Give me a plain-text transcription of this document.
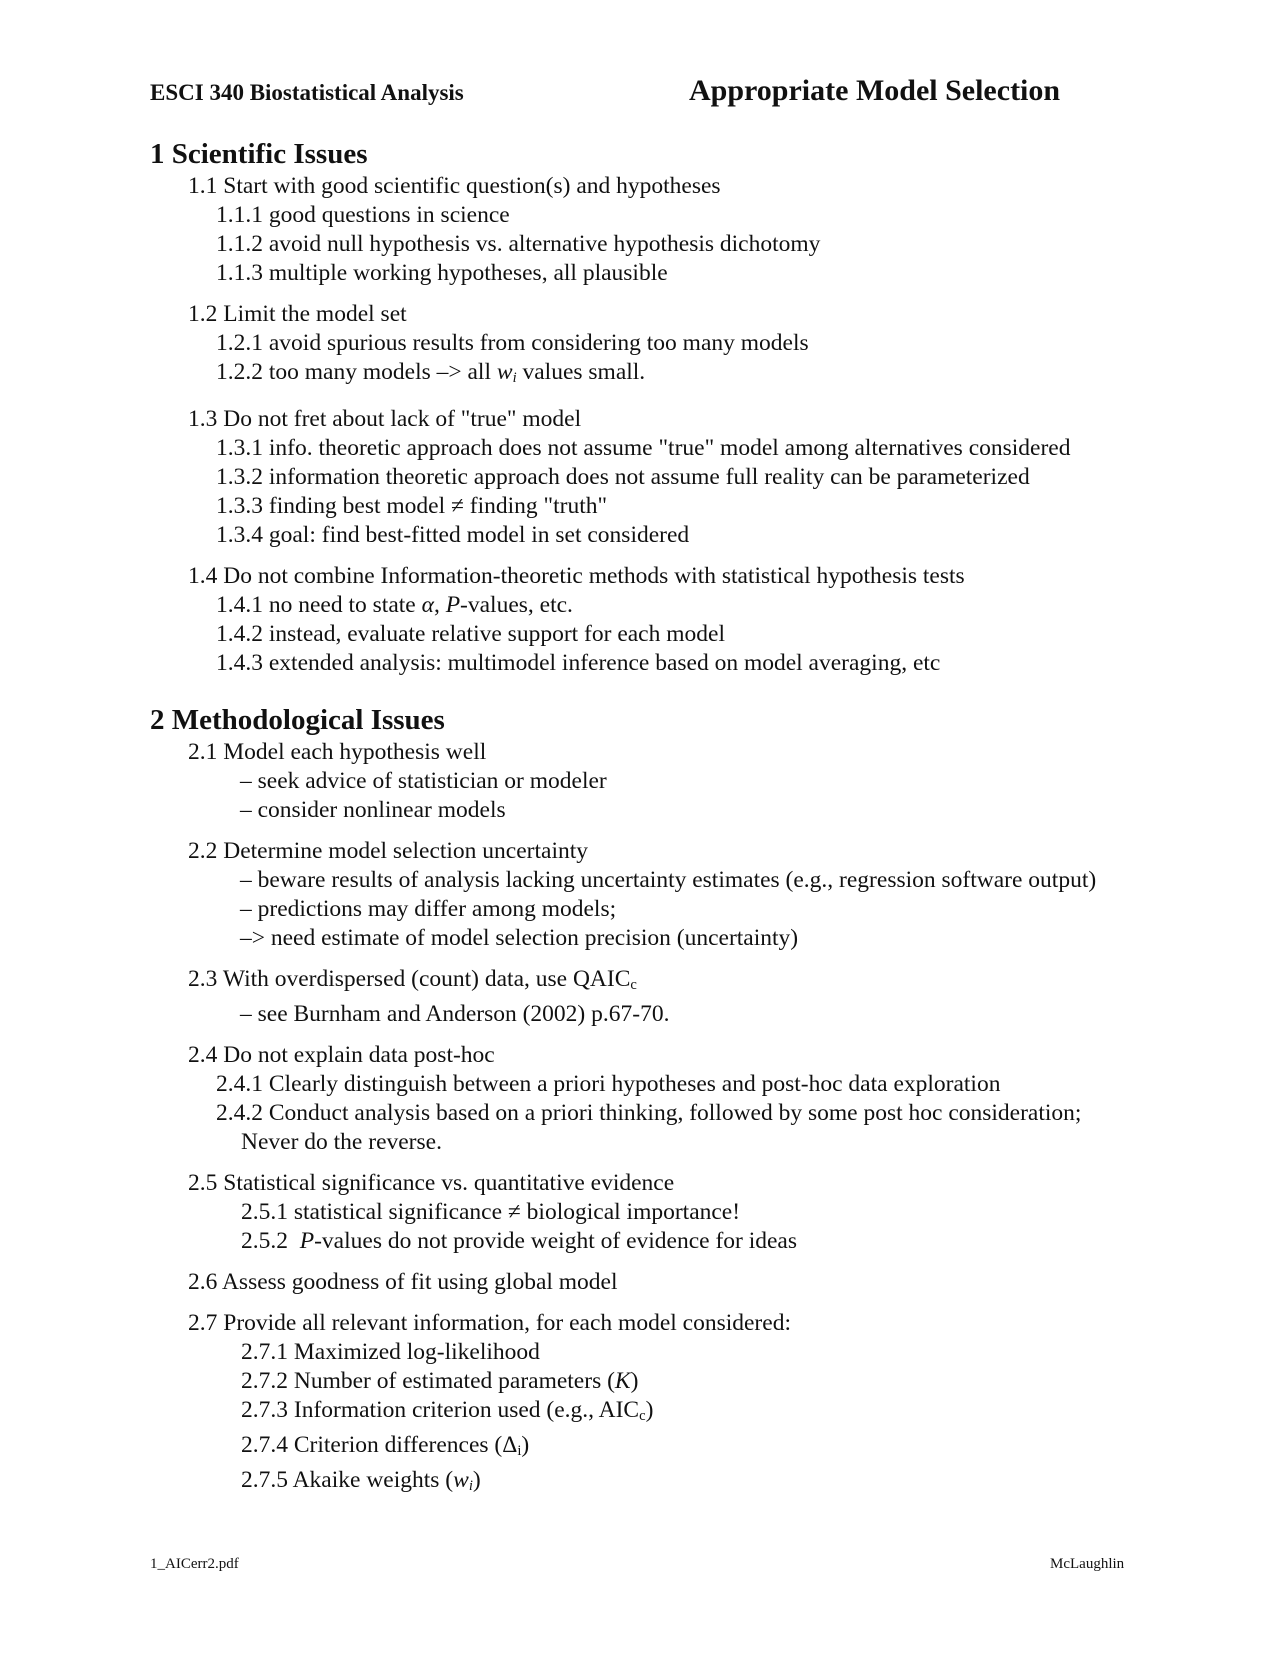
ESCI 340 Biostatistical Analysis	Appropriate Model Selection
1 Scientific Issues
1.1 Start with good scientific question(s) and hypotheses
1.1.1 good questions in science
1.1.2 avoid null hypothesis vs. alternative hypothesis dichotomy
1.1.3 multiple working hypotheses, all plausible
1.2 Limit the model set
1.2.1 avoid spurious results from considering too many models
1.2.2 too many models –> all $w_i$ values small.
1.3 Do not fret about lack of "true" model
1.3.1 info. theoretic approach does not assume "true" model among alternatives considered
1.3.2 information theoretic approach does not assume full reality can be parameterized
1.3.3 finding best model ≠ finding "truth"
1.3.4 goal: find best-fitted model in set considered
1.4 Do not combine Information-theoretic methods with statistical hypothesis tests
1.4.1 no need to state α, P-values, etc.
1.4.2 instead, evaluate relative support for each model
1.4.3 extended analysis: multimodel inference based on model averaging, etc
2 Methodological Issues
2.1 Model each hypothesis well
– seek advice of statistician or modeler
– consider nonlinear models
2.2 Determine model selection uncertainty
– beware results of analysis lacking uncertainty estimates (e.g., regression software output)
– predictions may differ among models;
–> need estimate of model selection precision (uncertainty)
2.3 With overdispersed (count) data, use $QAIC_c$
– see Burnham and Anderson (2002) p.67-70.
2.4 Do not explain data post-hoc
2.4.1 Clearly distinguish between a priori hypotheses and post-hoc data exploration
2.4.2 Conduct analysis based on a priori thinking, followed by some post hoc consideration;
Never do the reverse.
2.5 Statistical significance vs. quantitative evidence
2.5.1 statistical significance ≠ biological importance!
2.5.2 P-values do not provide weight of evidence for ideas
2.6 Assess goodness of fit using global model
2.7 Provide all relevant information, for each model considered:
2.7.1 Maximized log-likelihood
2.7.2 Number of estimated parameters (K)
2.7.3 Information criterion used (e.g., $AIC_c$)
2.7.4 Criterion differences $(\Delta_i)$
2.7.5 Akaike weights $(w_i)$
1_AICerr2.pdf	McLaughlin
